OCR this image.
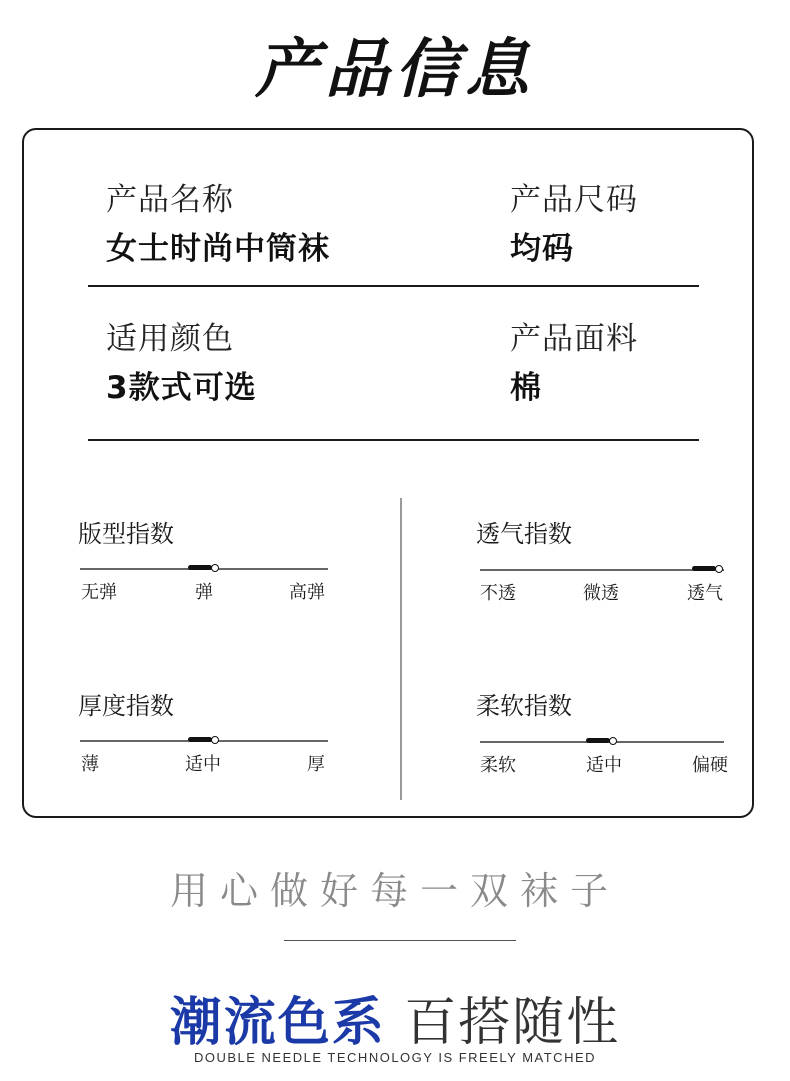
产品信息
产品名称
女士时尚中筒袜
产品尺码
均码
适用颜色
3款式可选
产品面料
棉
版型指数
无弹	弹	高弹
透气指数
不透	微透	透气
厚度指数
薄	适中	厚
柔软指数
柔软	适中	偏硬
用心做好每一双袜子
潮流色系 百搭随性
DOUBLE NEEDLE TECHNOLOGY IS FREELY MATCHED
